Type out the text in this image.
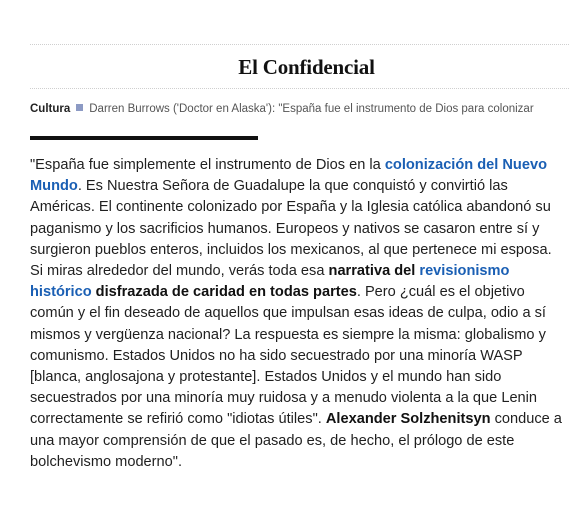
El Confidencial
Cultura Darren Burrows ('Doctor en Alaska'): "España fue el instrumento de Dios para colonizar

"España fue simplemente el instrumento de Dios en la colonización del Nuevo Mundo. Es Nuestra Señora de Guadalupe la que conquistó y convirtió las Américas. El continente colonizado por España y la Iglesia católica abandonó su paganismo y los sacrificios humanos. Europeos y nativos se casaron entre sí y surgieron pueblos enteros, incluidos los mexicanos, al que pertenece mi esposa. Si miras alrededor del mundo, verás toda esa narrativa del revisionismo histórico disfrazada de caridad en todas partes. Pero ¿cuál es el objetivo común y el fin deseado de aquellos que impulsan esas ideas de culpa, odio a sí mismos y vergüenza nacional? La respuesta es siempre la misma: globalismo y comunismo. Estados Unidos no ha sido secuestrado por una minoría WASP [blanca, anglosajona y protestante]. Estados Unidos y el mundo han sido secuestrados por una minoría muy ruidosa y a menudo violenta a la que Lenin correctamente se refirió como "idiotas útiles". Alexander Solzhenitsyn conduce a una mayor comprensión de que el pasado es, de hecho, el prólogo de este bolchevismo moderno".
